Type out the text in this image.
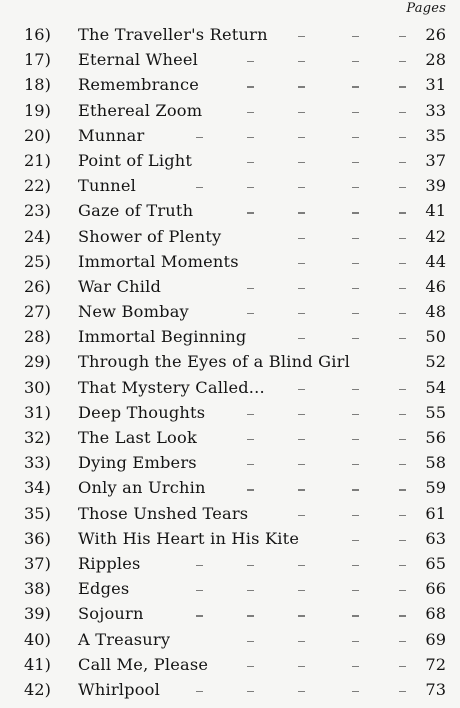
Pages
16)	The Traveller's Return	26
17)	Eternal Wheel	28
18)	Remembrance	31
19)	Ethereal Zoom	33
20)	Munnar	35
21)	Point of Light	37
22)	Tunnel	39
23)	Gaze of Truth	41
24)	Shower of Plenty	42
25)	Immortal Moments	44
26)	War Child	46
27)	New Bombay	48
28)	Immortal Beginning	50
29)	Through the Eyes of a Blind Girl	52
30)	That Mystery Called...	54
31)	Deep Thoughts	55
32)	The Last Look	56
33)	Dying Embers	58
34)	Only an Urchin	59
35)	Those Unshed Tears	61
36)	With His Heart in His Kite	63
37)	Ripples	65
38)	Edges	66
39)	Sojourn	68
40)	A Treasury	69
41)	Call Me, Please	72
42)	Whirlpool	73
